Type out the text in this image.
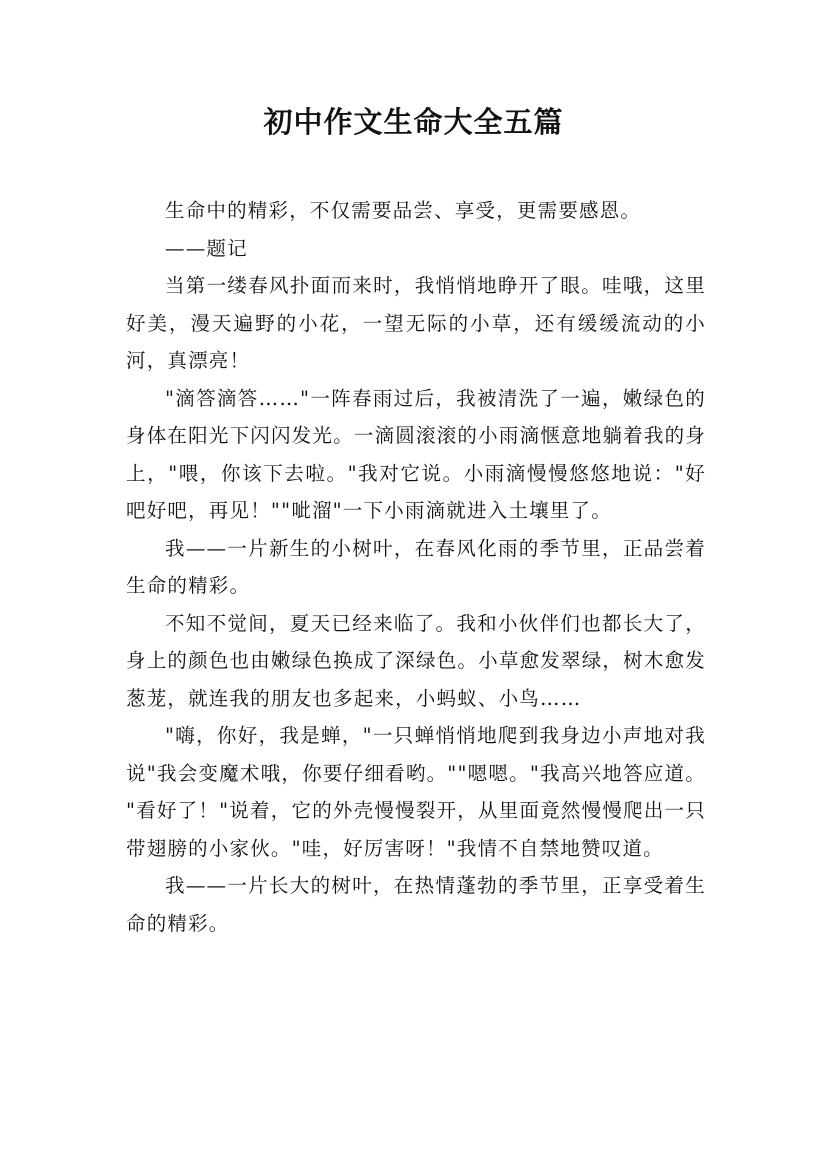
初中作文生命大全五篇

生命中的精彩，不仅需要品尝、享受，更需要感恩。

——题记

当第一缕春风扑面而来时，我悄悄地睁开了眼。哇哦，这里好美，漫天遍野的小花，一望无际的小草，还有缓缓流动的小河，真漂亮！

"滴答滴答……"一阵春雨过后，我被清洗了一遍，嫩绿色的身体在阳光下闪闪发光。一滴圆滚滚的小雨滴惬意地躺着我的身上，"喂，你该下去啦。"我对它说。小雨滴慢慢悠悠地说："好吧好吧，再见！""呲溜"一下小雨滴就进入土壤里了。

我——一片新生的小树叶，在春风化雨的季节里，正品尝着生命的精彩。

不知不觉间，夏天已经来临了。我和小伙伴们也都长大了，身上的颜色也由嫩绿色换成了深绿色。小草愈发翠绿，树木愈发葱茏，就连我的朋友也多起来，小蚂蚁、小鸟……

"嗨，你好，我是蝉，"一只蝉悄悄地爬到我身边小声地对我说"我会变魔术哦，你要仔细看哟。""嗯嗯。"我高兴地答应道。 "看好了！"说着，它的外壳慢慢裂开，从里面竟然慢慢爬出一只带翅膀的小家伙。"哇，好厉害呀！"我情不自禁地赞叹道。

我——一片长大的树叶，在热情蓬勃的季节里，正享受着生命的精彩。
